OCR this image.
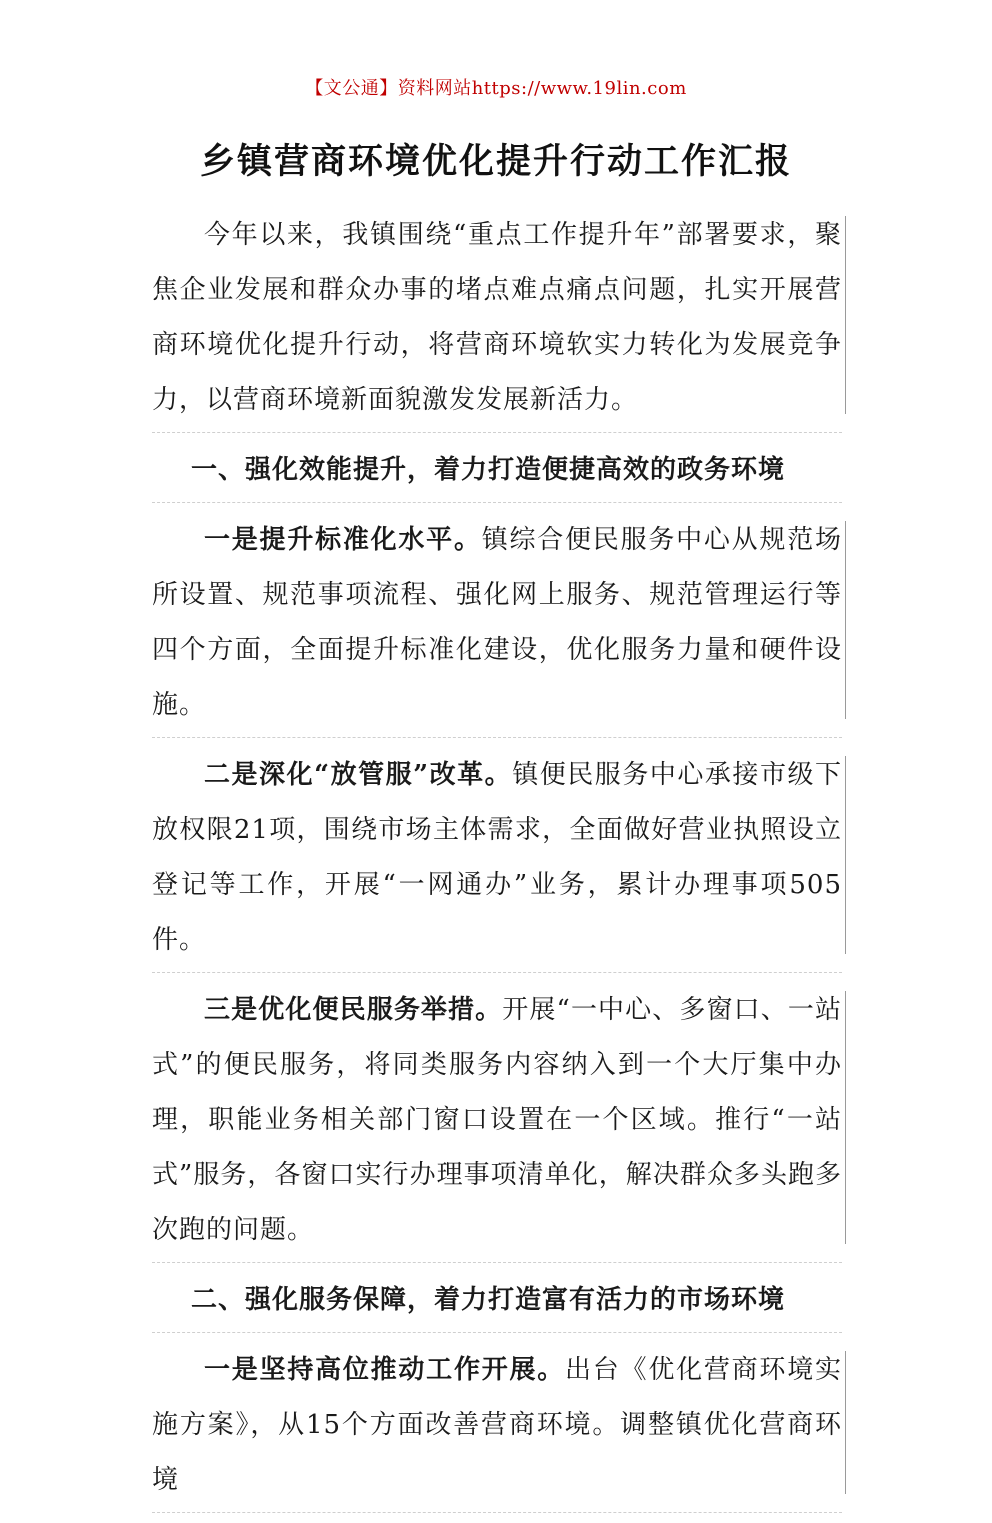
【文公通】资料网站https://www.19lin.com
乡镇营商环境优化提升行动工作汇报

今年以来，我镇围绕“重点工作提升年”部署要求，聚焦企业发展和群众办事的堵点难点痛点问题，扎实开展营商环境优化提升行动，将营商环境软实力转化为发展竞争力，以营商环境新面貌激发发展新活力。

一、强化效能提升，着力打造便捷高效的政务环境

一是提升标准化水平。镇综合便民服务中心从规范场所设置、规范事项流程、强化网上服务、规范管理运行等四个方面，全面提升标准化建设，优化服务力量和硬件设施。

二是深化“放管服”改革。镇便民服务中心承接市级下放权限21项，围绕市场主体需求，全面做好营业执照设立登记等工作，开展“一网通办”业务，累计办理事项505件。

三是优化便民服务举措。开展“一中心、多窗口、一站式”的便民服务，将同类服务内容纳入到一个大厅集中办理，职能业务相关部门窗口设置在一个区域。推行“一站式”服务，各窗口实行办理事项清单化，解决群众多头跑多次跑的问题。

二、强化服务保障，着力打造富有活力的市场环境

一是坚持高位推动工作开展。出台《优化营商环境实施方案》，从15个方面改善营商环境。调整镇优化营商环境
